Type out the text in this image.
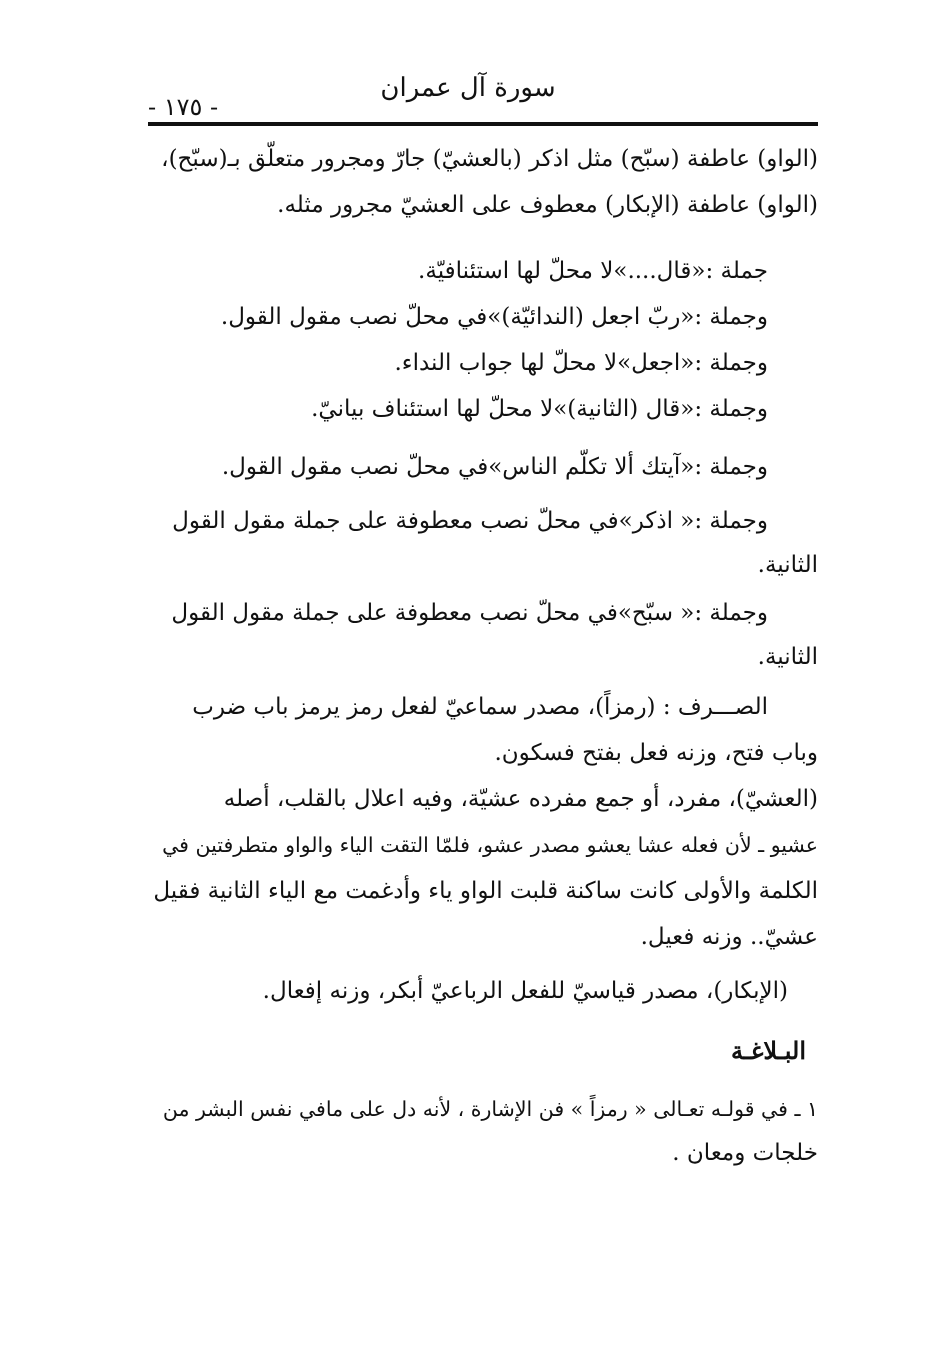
سورة آل عمران
- ١٧٥ -
(الواو) عاطفة (سبّح) مثل اذكر (بالعشيّ) جارّ ومجرور متعلّق بـ(سبّح)،
(الواو) عاطفة (الإبكار) معطوف على العشيّ مجرور مثله.
جملة :«قال....»لا محلّ لها استئنافيّة.
وجملة :«ربّ اجعل (الندائيّة)»في محلّ نصب مقول القول.
وجملة :«اجعل»لا محلّ لها جواب النداء.
وجملة :«قال (الثانية)»لا محلّ لها استئناف بيانيّ.
وجملة :«آيتك ألا تكلّم الناس»في محلّ نصب مقول القول.
وجملة :« اذكر»في محلّ نصب معطوفة على جملة مقول القول
الثانية.
وجملة :« سبّح»في محلّ نصب معطوفة على جملة مقول القول
الثانية.
الصـــرف : (رمزاً)، مصدر سماعيّ لفعل رمز يرمز باب ضرب
وباب فتح، وزنه فعل بفتح فسكون.
(العشيّ)، مفرد، أو جمع مفرده عشيّة، وفيه اعلال بالقلب، أصله
عشيو ـ لأن فعله عشا يعشو مصدر عشو، فلمّا التقت الياء والواو متطرفتين في
الكلمة والأولى كانت ساكنة قلبت الواو ياء وأدغمت مع الياء الثانية فقيل
عشيّ.. وزنه فعيل.
(الإبكار)، مصدر قياسيّ للفعل الرباعيّ أبكر، وزنه إفعال.
البـلاغـة
١ ـ في قولـه تعـالى « رمزاً » فن الإشارة ، لأنه دل على مافي نفس البشر من
خلجات ومعان .
